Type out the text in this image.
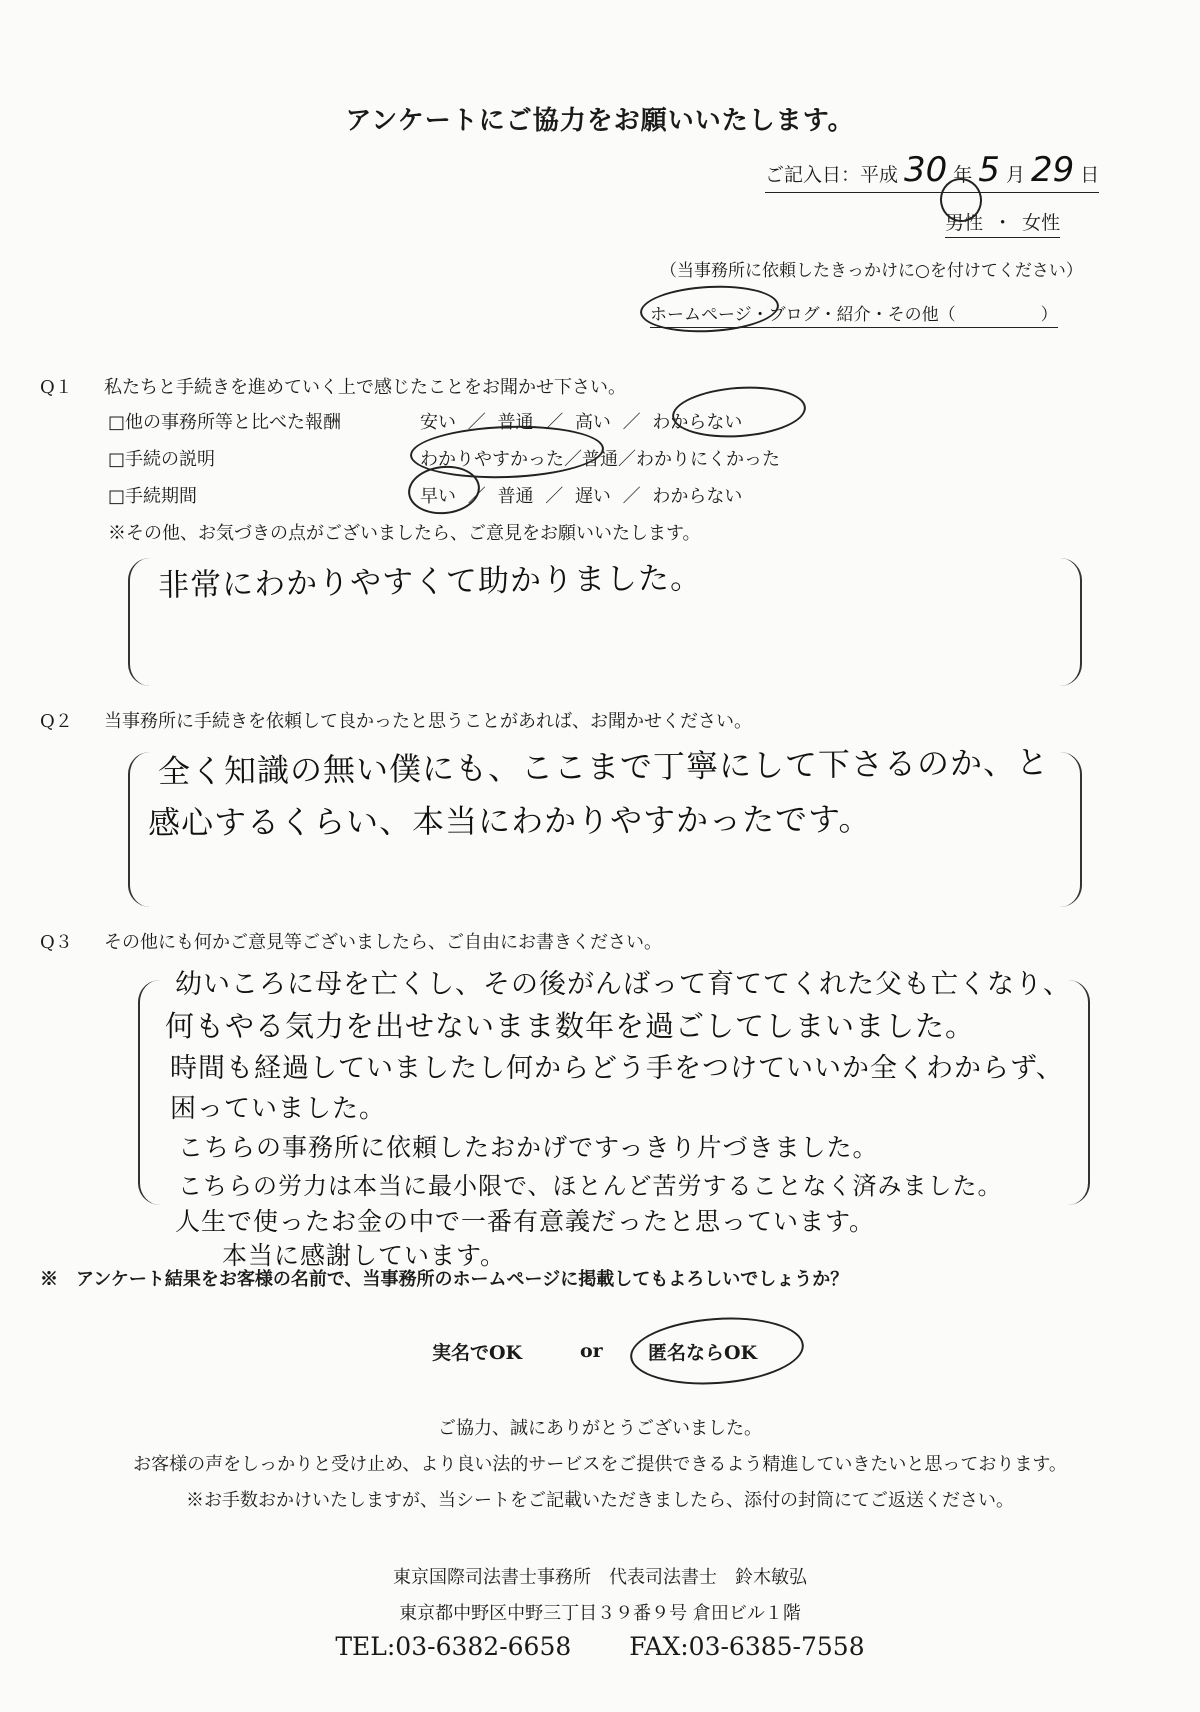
アンケートにご協力をお願いいたします。
ご記入日：平成 30 年 5 月 29 日
男性 ・ 女性
（当事務所に依頼したきっかけに○を付けてください）
ホームページ・ブログ・紹介・その他（　　　　　）
Q１ 私たちと手続きを進めていく上で感じたことをお聞かせ下さい。
□他の事務所等と比べた報酬	安い ／ 普通 ／ 高い ／ わからない
□手続の説明	わかりやすかった／普通／わかりにくかった
□手続期間	早い ／ 普通 ／ 遅い ／ わからない
※その他、お気づきの点がございましたら、ご意見をお願いいたします。
非常にわかりやすくて助かりました。
Q２ 当事務所に手続きを依頼して良かったと思うことがあれば、お聞かせください。
全く知識の無い僕にも、ここまで丁寧にして下さるのか、と
感心するくらい、本当にわかりやすかったです。
Q３ その他にも何かご意見等ございましたら、ご自由にお書きください。
幼いころに母を亡くし、その後がんばって育ててくれた父も亡くなり、
何もやる気力を出せないまま数年を過ごしてしまいました。
時間も経過していましたし何からどう手をつけていいか全くわからず、
困っていました。
こちらの事務所に依頼したおかげですっきり片づきました。
こちらの労力は本当に最小限で、ほとんど苦労することなく済みました。
人生で使ったお金の中で一番有意義だったと思っています。
本当に感謝しています。
※　アンケート結果をお客様の名前で、当事務所のホームページに掲載してもよろしいでしょうか？
実名でOK	or 匿名ならOK
ご協力、誠にありがとうございました。
お客様の声をしっかりと受け止め、より良い法的サービスをご提供できるよう精進していきたいと思っております。
※お手数おかけいたしますが、当シートをご記載いただきましたら、添付の封筒にてご返送ください。
東京国際司法書士事務所　代表司法書士　鈴木敏弘
東京都中野区中野三丁目３９番９号 倉田ビル１階
TEL:03-6382-6658 FAX:03-6385-7558
